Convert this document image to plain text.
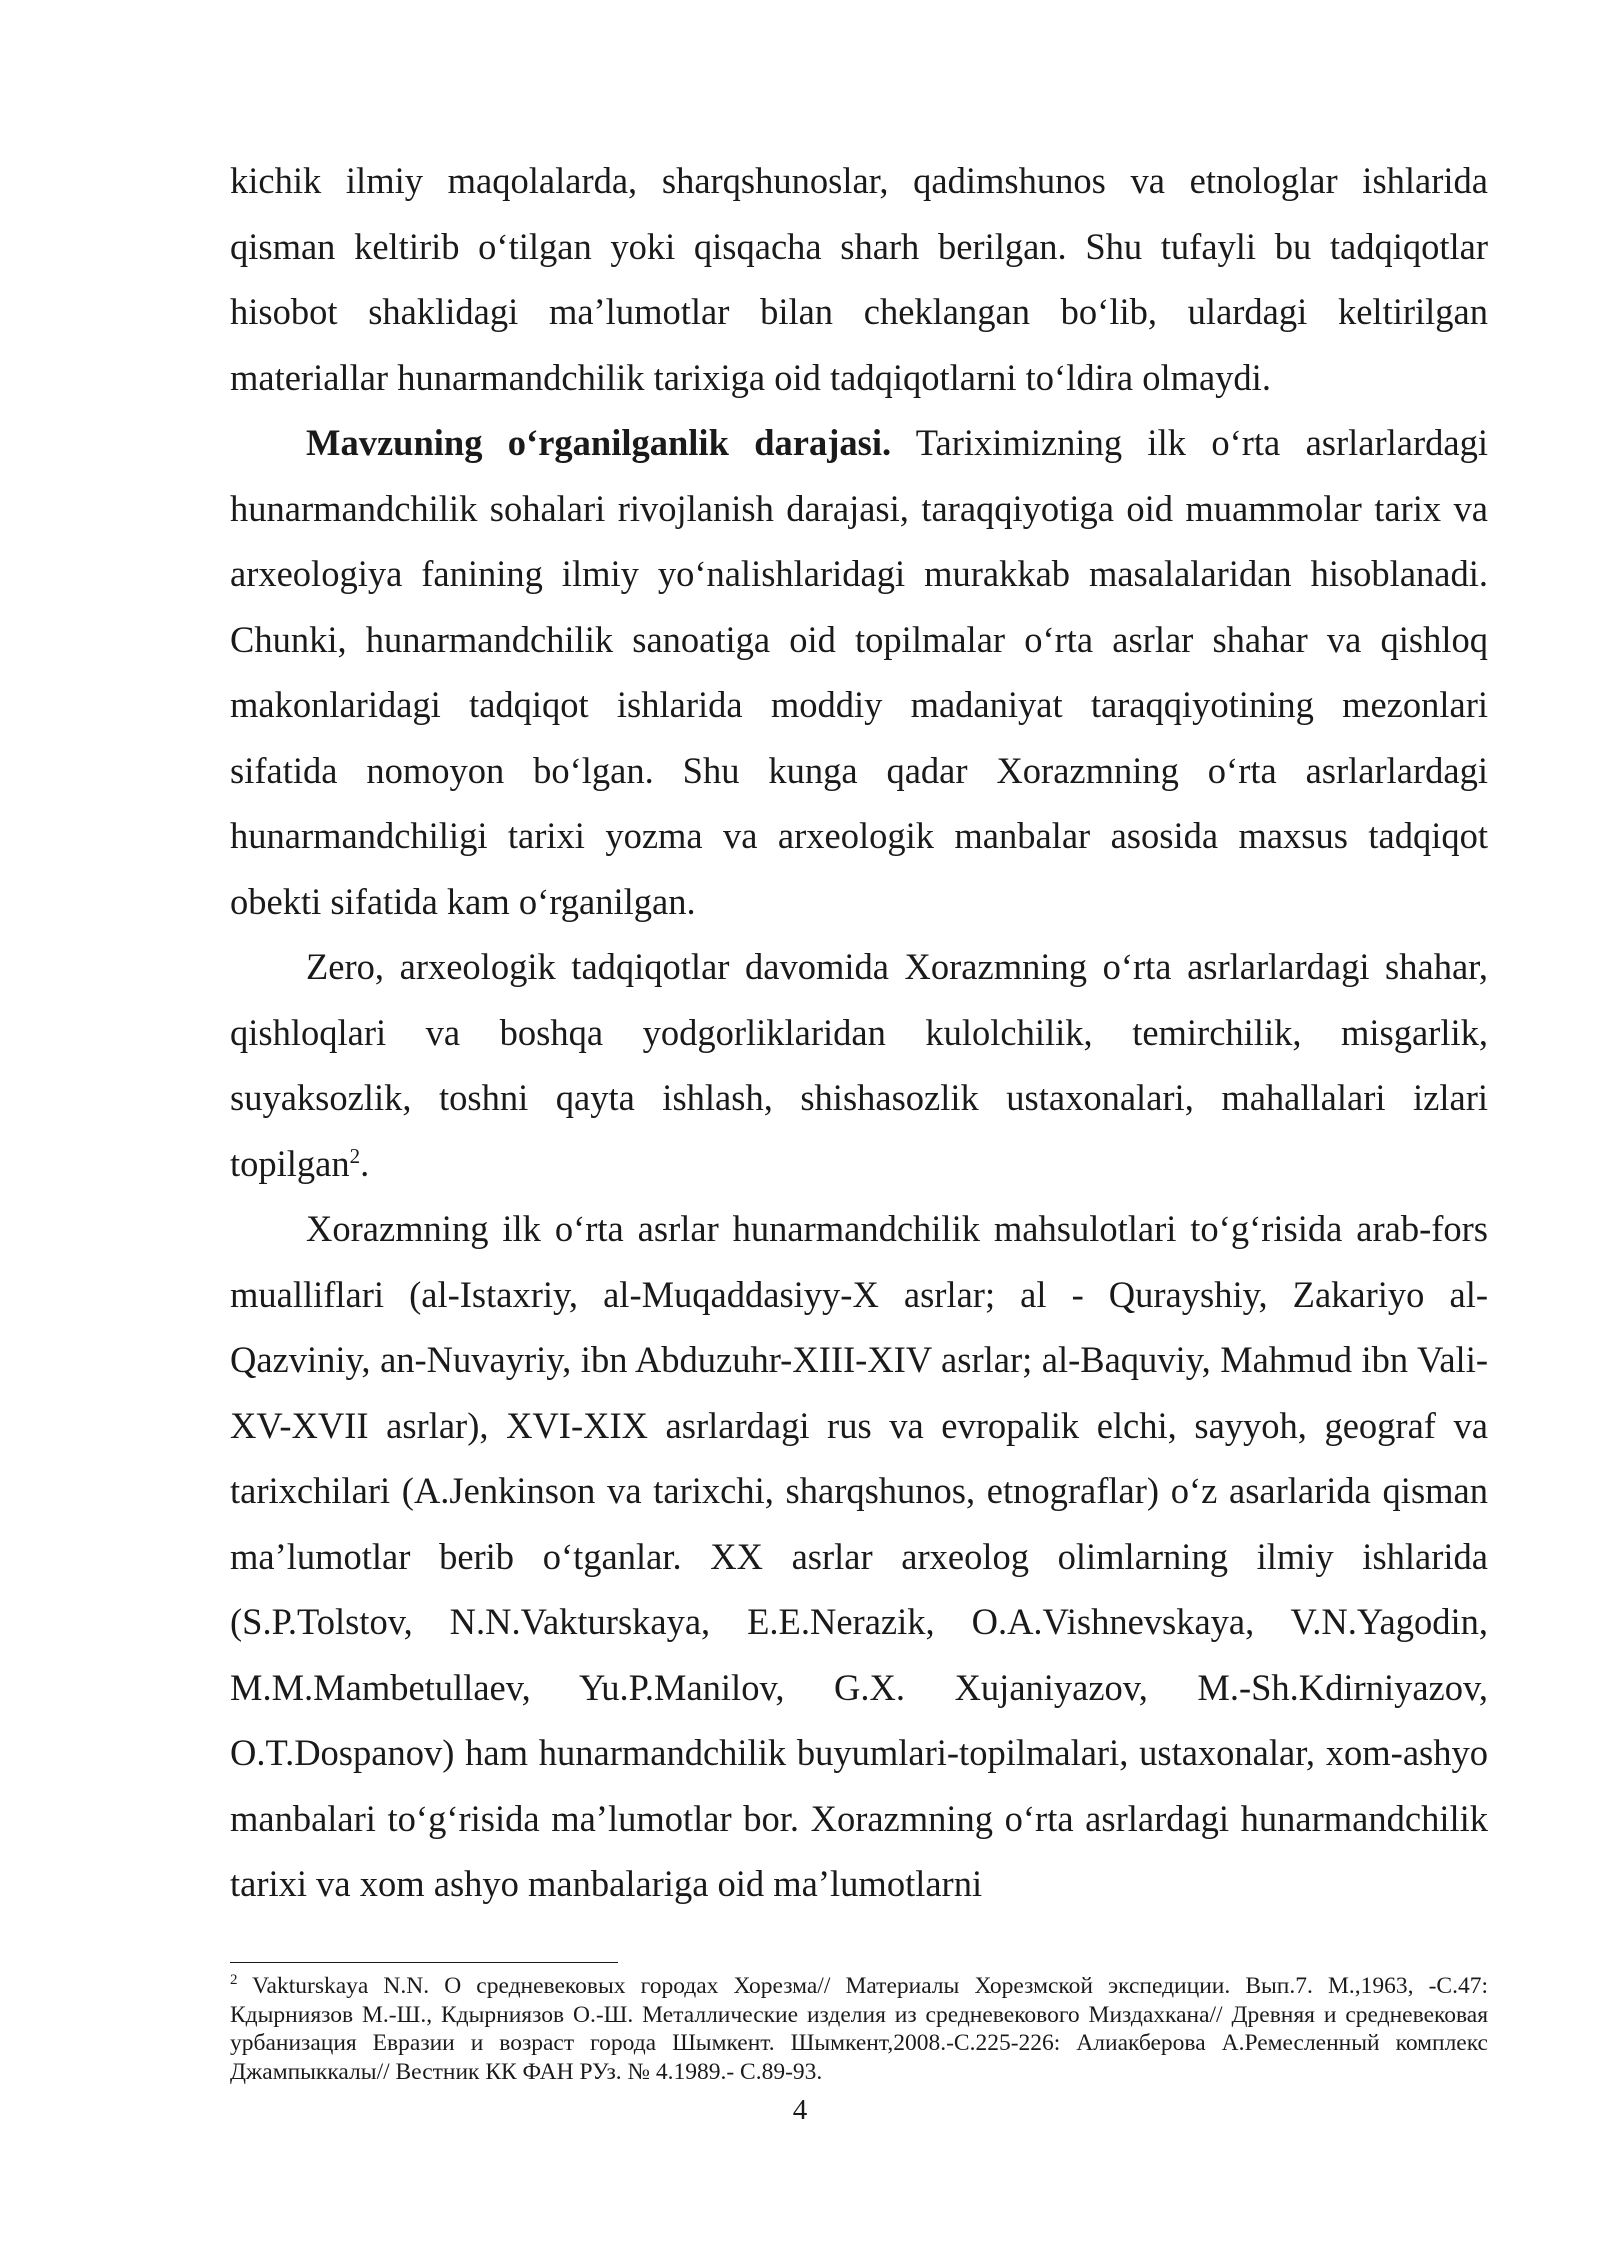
kichik ilmiy maqolalarda, sharqshunoslar, qadimshunos va etnologlar ishlarida qisman keltirib o‘tilgan yoki qisqacha sharh berilgan. Shu tufayli bu tadqiqotlar hisobot shaklidagi ma’lumotlar bilan cheklangan bo‘lib, ulardagi keltirilgan materiallar hunarmandchilik tarixiga oid tadqiqotlarni to‘ldira olmaydi.

Mavzuning o‘rganilganlik darajasi. Tariximizning ilk o‘rta asrlarlardagi hunarmandchilik sohalari rivojlanish darajasi, taraqqiyotiga oid muammolar tarix va arxeologiya fanining ilmiy yo‘nalishlaridagi murakkab masalalaridan hisoblanadi. Chunki, hunarmandchilik sanoatiga oid topilmalar o‘rta asrlar shahar va qishloq makonlaridagi tadqiqot ishlarida moddiy madaniyat taraqqiyotining mezonlari sifatida nomoyon bo‘lgan. Shu kunga qadar Xorazmning o‘rta asrlarlardagi hunarmandchiligi tarixi yozma va arxeologik manbalar asosida maxsus tadqiqot obekti sifatida kam o‘rganilgan.

Zero, arxeologik tadqiqotlar davomida Xorazmning o‘rta asrlarlardagi shahar, qishloqlari va boshqa yodgorliklaridan kulolchilik, temirchilik, misgarlik, suyaksozlik, toshni qayta ishlash, shishasozlik ustaxonalari, mahallalari izlari topilgan$^2$.

Xorazmning ilk o‘rta asrlar hunarmandchilik mahsulotlari to‘g‘risida arab-fors mualliflari (al-Istaxriy, al-Muqaddasiyy-X asrlar; al - Qurayshiy, Zakariyo al-Qazviniy, an-Nuvayriy, ibn Abduzuhr-XIII-XIV asrlar; al-Baquviy, Mahmud ibn Vali-XV-XVII asrlar), XVI-XIX asrlardagi rus va evropalik elchi, sayyoh, geograf va tarixchilari (A.Jenkinson va tarixchi, sharqshunos, etnograflar) o‘z asarlarida qisman ma’lumotlar berib o‘tganlar. XX asrlar arxeolog olimlarning ilmiy ishlarida (S.P.Tolstov, N.N.Vakturskaya, E.E.Nerazik, O.A.Vishnevskaya, V.N.Yagodin, M.M.Mambetullaev, Yu.P.Manilov, G.X. Xujaniyazov, M.-Sh.Kdirniyazov, O.T.Dospanov) ham hunarmandchilik buyumlari-topilmalari, ustaxonalar, xom-ashyo manbalari to‘g‘risida ma’lumotlar bor. Xorazmning o‘rta asrlardagi hunarmandchilik tarixi va xom ashyo manbalariga oid ma’lumotlarni

$^2$ Vakturskaya N.N. О средневековых городах Хорезма// Материалы Хорезмской экспедиции. Вып.7. М.,1963, -С.47: Кдырниязов М.-Ш., Кдырниязов О.-Ш. Металлические изделия из средневекового Миздахкана// Древняя и средневековая урбанизация Евразии и возраст города Шымкент. Шымкент,2008.-С.225-226: Алиакберова А.Ремесленный комплекс Джампыккалы// Вестник КК ФАН РУз. № 4.1989.- С.89-93.

4
